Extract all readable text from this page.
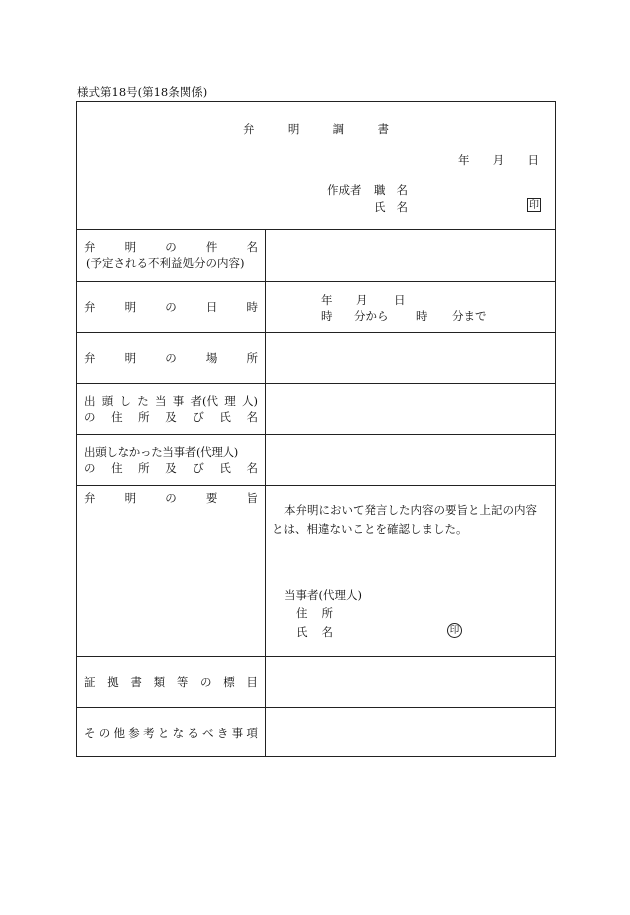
様式第18号(第18条関係)
弁	明	調	書
年 月 日
作成者 職 名
氏 名	印
弁	明	の	件	名
(予定される不利益処分の内容)
弁	明	の	日	時	年 月 日
時 分から 時 分まで
弁	明	の	場	所
出 頭 し た 当 事 者(代 理 人)
の 住 所 及 び 氏 名
出頭しなかった当事者(代理人)
の 住 所 及 び 氏 名
弁	明	の	要	旨
本弁明において発言した内容の要旨と上記の内容
とは、相違ないことを確認しました。
当事者(代理人)
住 所
氏 名	印
証 拠 書 類 等 の 標 目
そ の 他 参 考 と な る べ き 事 項
